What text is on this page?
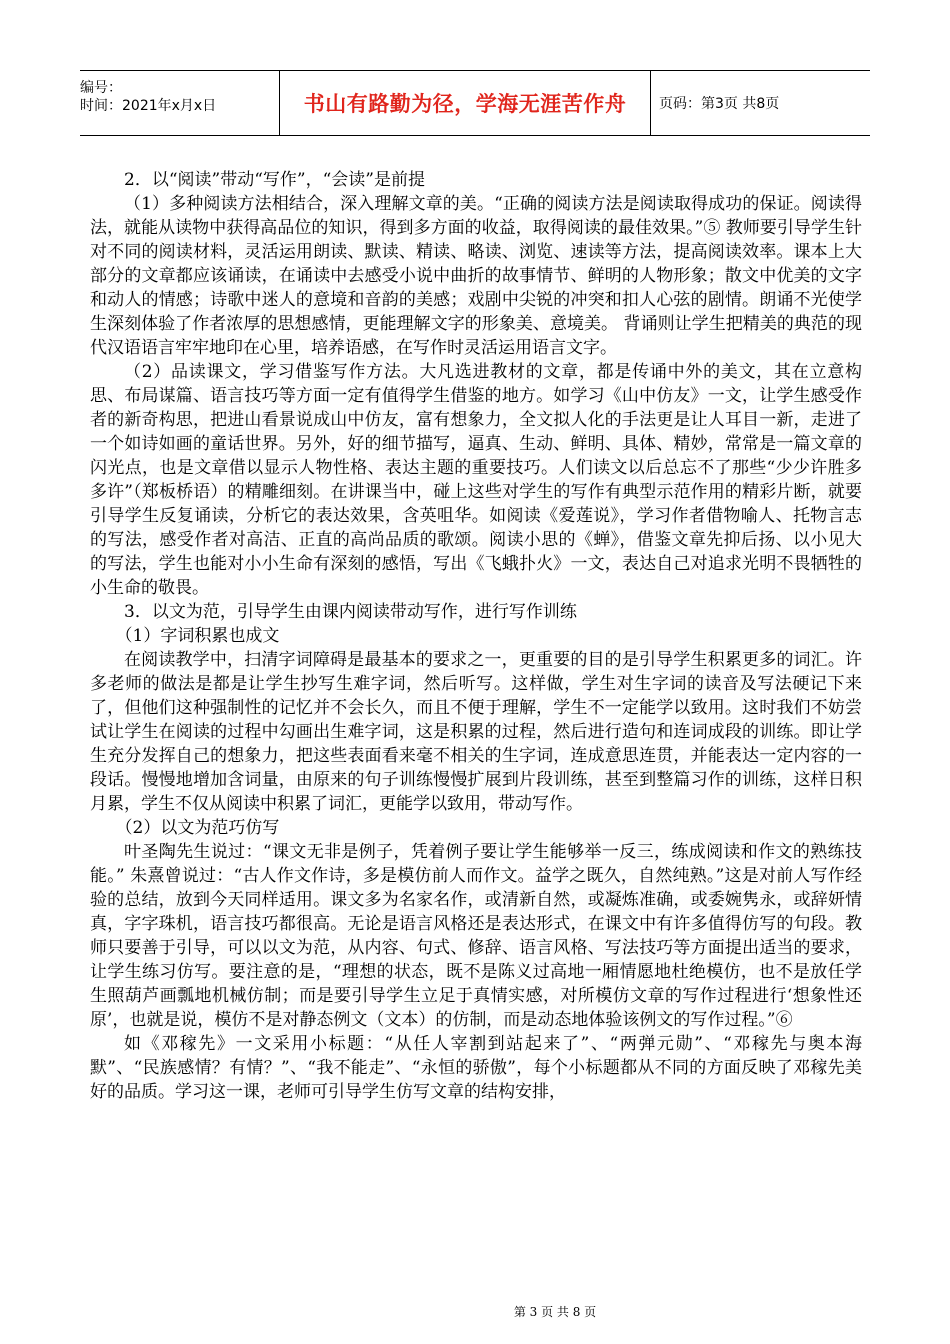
编号：
时间：2021年x月x日	书山有路勤为径，学海无涯苦作舟	页码：第3页 共8页

2．以“阅读”带动“写作”，“会读”是前提

（1）多种阅读方法相结合，深入理解文章的美。“正确的阅读方法是阅读取得成功的保证。阅读得法，就能从读物中获得高品位的知识，得到多方面的收益，取得阅读的最佳效果。”⑤ 教师要引导学生针对不同的阅读材料，灵活运用朗读、默读、精读、略读、浏览、速读等方法，提高阅读效率。课本上大部分的文章都应该诵读，在诵读中去感受小说中曲折的故事情节、鲜明的人物形象；散文中优美的文字和动人的情感；诗歌中迷人的意境和音韵的美感；戏剧中尖锐的冲突和扣人心弦的剧情。朗诵不光使学生深刻体验了作者浓厚的思想感情，更能理解文字的形象美、意境美。 背诵则让学生把精美的典范的现代汉语语言牢牢地印在心里，培养语感，在写作时灵活运用语言文字。

（2）品读课文，学习借鉴写作方法。大凡选进教材的文章，都是传诵中外的美文，其在立意构思、布局谋篇、语言技巧等方面一定有值得学生借鉴的地方。如学习《山中仿友》一文，让学生感受作者的新奇构思，把进山看景说成山中仿友，富有想象力，全文拟人化的手法更是让人耳目一新，走进了一个如诗如画的童话世界。另外，好的细节描写，逼真、生动、鲜明、具体、精妙，常常是一篇文章的闪光点，也是文章借以显示人物性格、表达主题的重要技巧。人们读文以后总忘不了那些“少少许胜多多许”（郑板桥语）的精雕细刻。在讲课当中，碰上这些对学生的写作有典型示范作用的精彩片断，就要引导学生反复诵读，分析它的表达效果，含英咀华。如阅读《爱莲说》，学习作者借物喻人、托物言志的写法，感受作者对高洁、正直的高尚品质的歌颂。阅读小思的《蝉》，借鉴文章先抑后扬、以小见大的写法，学生也能对小小生命有深刻的感悟，写出《飞蛾扑火》一文，表达自己对追求光明不畏牺牲的小生命的敬畏。

3．以文为范，引导学生由课内阅读带动写作，进行写作训练

（1）字词积累也成文

在阅读教学中，扫清字词障碍是最基本的要求之一，更重要的目的是引导学生积累更多的词汇。许多老师的做法是都是让学生抄写生难字词，然后听写。这样做，学生对生字词的读音及写法硬记下来了，但他们这种强制性的记忆并不会长久，而且不便于理解，学生不一定能学以致用。这时我们不妨尝试让学生在阅读的过程中勾画出生难字词，这是积累的过程，然后进行造句和连词成段的训练。即让学生充分发挥自己的想象力，把这些表面看来毫不相关的生字词，连成意思连贯，并能表达一定内容的一段话。慢慢地增加含词量，由原来的句子训练慢慢扩展到片段训练，甚至到整篇习作的训练，这样日积月累，学生不仅从阅读中积累了词汇，更能学以致用，带动写作。

（2）以文为范巧仿写

叶圣陶先生说过：“课文无非是例子，凭着例子要让学生能够举一反三，练成阅读和作文的熟练技能。” 朱熹曾说过：“古人作文作诗，多是模仿前人而作文。益学之既久，自然纯熟。”这是对前人写作经验的总结，放到今天同样适用。课文多为名家名作，或清新自然，或凝炼准确，或委婉隽永，或辞妍情真，字字珠机，语言技巧都很高。无论是语言风格还是表达形式，在课文中有许多值得仿写的句段。教师只要善于引导，可以以文为范，从内容、句式、修辞、语言风格、写法技巧等方面提出适当的要求，让学生练习仿写。要注意的是，“理想的状态，既不是陈义过高地一厢情愿地杜绝模仿，也不是放任学生照葫芦画瓢地机械仿制；而是要引导学生立足于真情实感，对所模仿文章的写作过程进行‘想象性还原’，也就是说，模仿不是对静态例文（文本）的仿制，而是动态地体验该例文的写作过程。”⑥

如《邓稼先》一文采用小标题：“从任人宰割到站起来了”、“两弹元勋”、“邓稼先与奥本海默”、“民族感情？有情？”、“我不能走”、“永恒的骄傲”，每个小标题都从不同的方面反映了邓稼先美好的品质。学习这一课，老师可引导学生仿写文章的结构安排，

第 3 页 共 8 页
